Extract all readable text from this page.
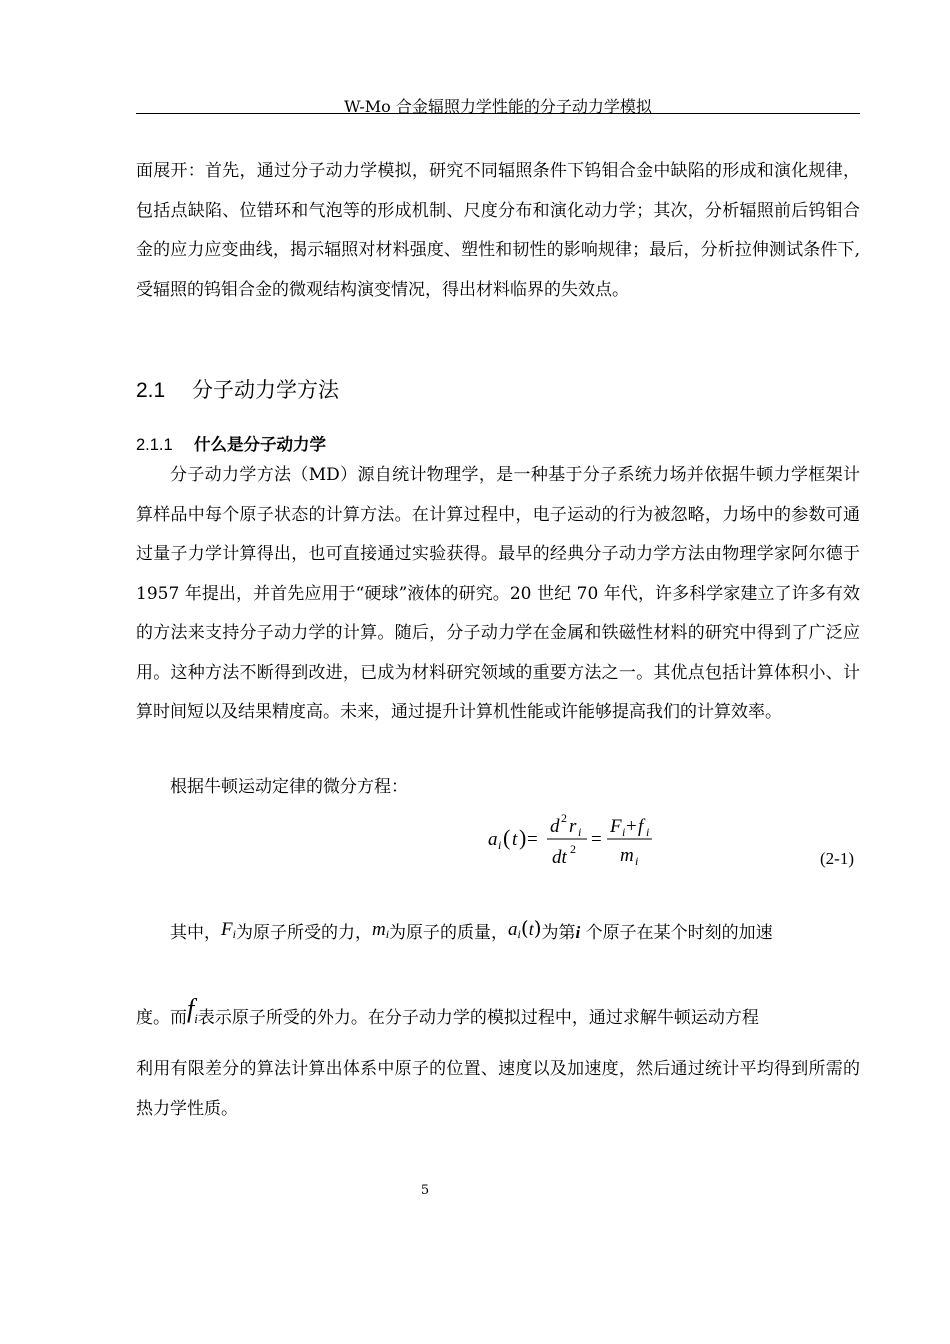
W-Mo 合金辐照力学性能的分子动力学模拟
面展开：首先，通过分子动力学模拟，研究不同辐照条件下钨钼合金中缺陷的形成和演化规律，包括点缺陷、位错环和气泡等的形成机制、尺度分布和演化动力学；其次，分析辐照前后钨钼合金的应力应变曲线，揭示辐照对材料强度、塑性和韧性的影响规律；最后，分析拉伸测试条件下,受辐照的钨钼合金的微观结构演变情况，得出材料临界的失效点。
2.1 分子动力学方法
2.1.1 什么是分子动力学
分子动力学方法（MD）源自统计物理学，是一种基于分子系统力场并依据牛顿力学框架计算样品中每个原子状态的计算方法。在计算过程中，电子运动的行为被忽略，力场中的参数可通过量子力学计算得出，也可直接通过实验获得。最早的经典分子动力学方法由物理学家阿尔德于 1957 年提出，并首先应用于“硬球”液体的研究。20 世纪 70 年代，许多科学家建立了许多有效的方法来支持分子动力学的计算。随后，分子动力学在金属和铁磁性材料的研究中得到了广泛应用。这种方法不断得到改进，已成为材料研究领域的重要方法之一。其优点包括计算体积小、计算时间短以及结果精度高。未来，通过提升计算机性能或许能够提高我们的计算效率。
根据牛顿运动定律的微分方程：
a i ( t ) =
d 2 r i
dt 2 =
F i + f i
m i	(2-1)
其中，Fi为原子所受的力，mi为原子的质量，ai(t)为第i 个原子在某个时刻的加速
度。而fi表示原子所受的外力。在分子动力学的模拟过程中，通过求解牛顿运动方程
利用有限差分的算法计算出体系中原子的位置、速度以及加速度，然后通过统计平均得到所需的热力学性质。
5
